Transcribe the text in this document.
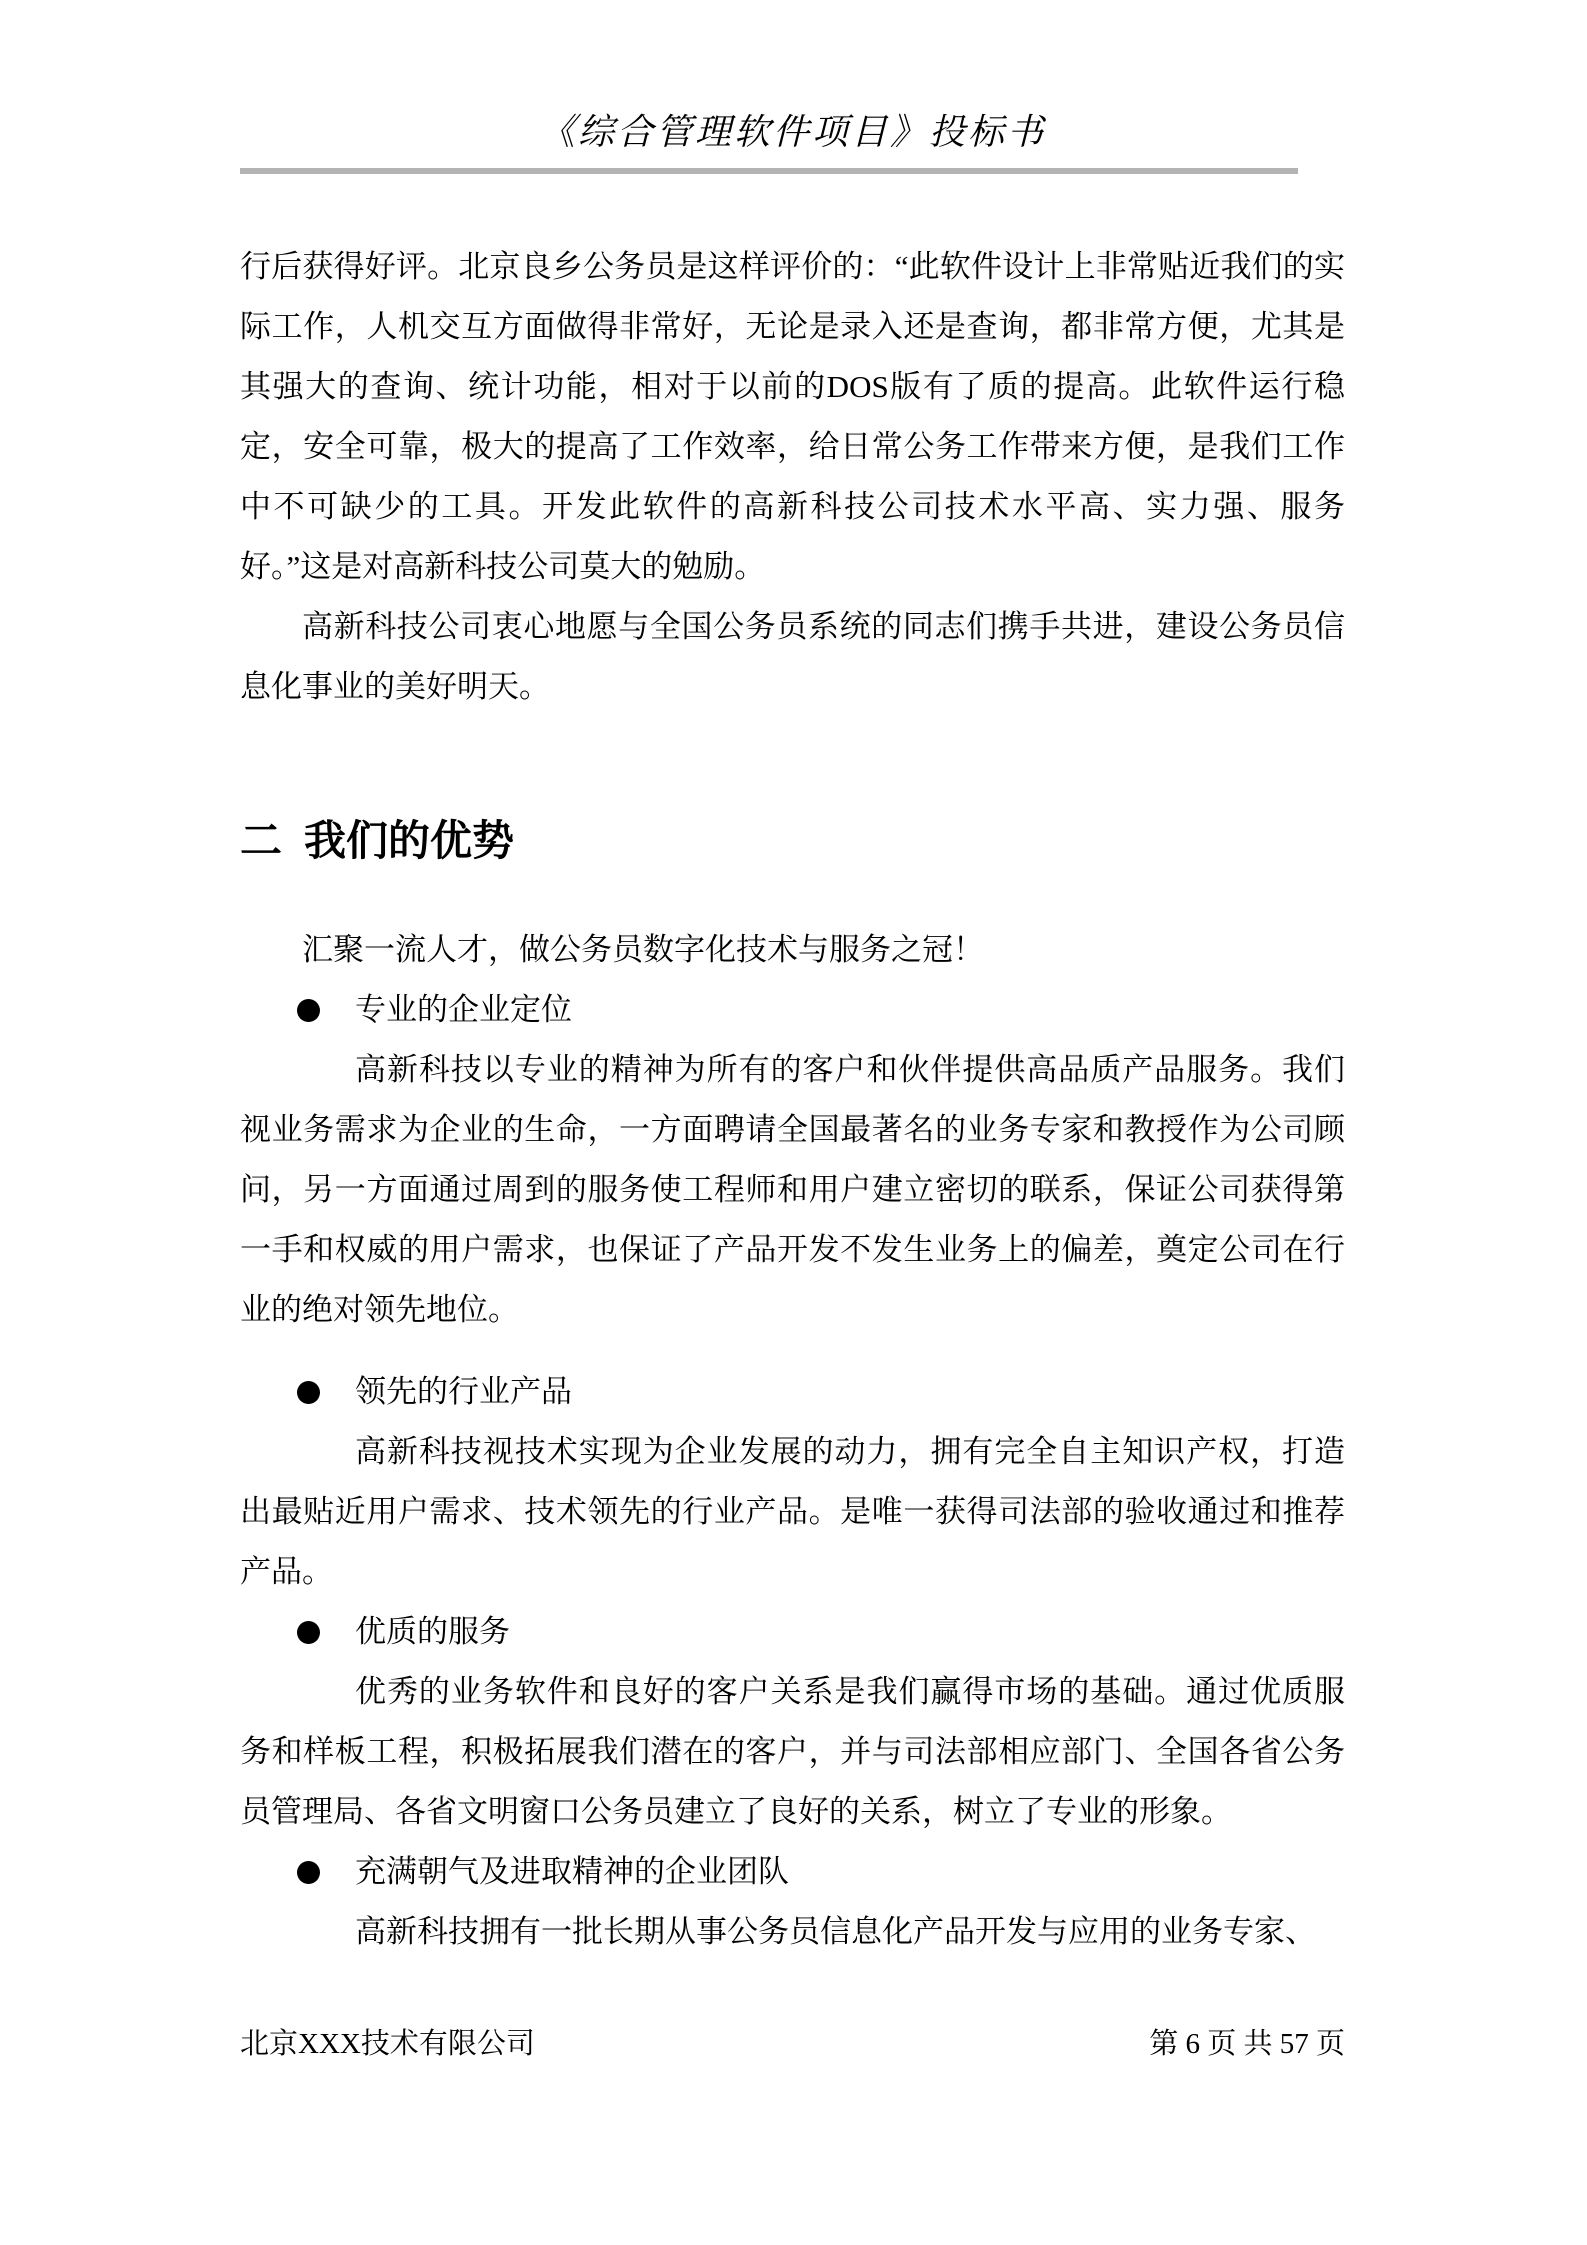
《综合管理软件项目》投标书

行后获得好评。北京良乡公务员是这样评价的：“此软件设计上非常贴近我们的实际工作，人机交互方面做得非常好，无论是录入还是查询，都非常方便，尤其是其强大的查询、统计功能，相对于以前的DOS版有了质的提高。此软件运行稳定，安全可靠，极大的提高了工作效率，给日常公务工作带来方便，是我们工作中不可缺少的工具。开发此软件的高新科技公司技术水平高、实力强、服务好。”这是对高新科技公司莫大的勉励。

高新科技公司衷心地愿与全国公务员系统的同志们携手共进，建设公务员信息化事业的美好明天。

二 我们的优势

汇聚一流人才，做公务员数字化技术与服务之冠！

专业的企业定位

高新科技以专业的精神为所有的客户和伙伴提供高品质产品服务。我们视业务需求为企业的生命，一方面聘请全国最著名的业务专家和教授作为公司顾问，另一方面通过周到的服务使工程师和用户建立密切的联系，保证公司获得第一手和权威的用户需求，也保证了产品开发不发生业务上的偏差，奠定公司在行业的绝对领先地位。

领先的行业产品

高新科技视技术实现为企业发展的动力，拥有完全自主知识产权，打造出最贴近用户需求、技术领先的行业产品。是唯一获得司法部的验收通过和推荐产品。

优质的服务

优秀的业务软件和良好的客户关系是我们赢得市场的基础。通过优质服务和样板工程，积极拓展我们潜在的客户，并与司法部相应部门、全国各省公务员管理局、各省文明窗口公务员建立了良好的关系，树立了专业的形象。

充满朝气及进取精神的企业团队

高新科技拥有一批长期从事公务员信息化产品开发与应用的业务专家、

北京XXX技术有限公司	第 6 页 共 57 页
